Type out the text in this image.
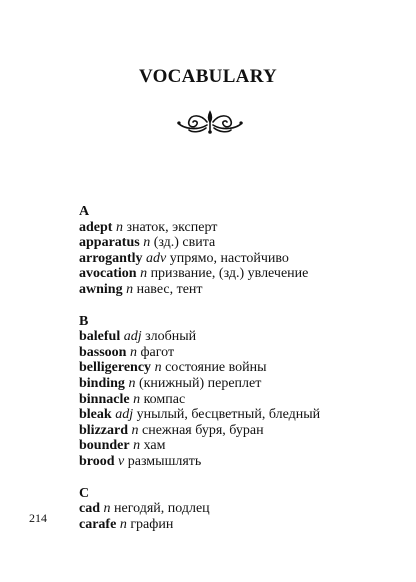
VOCABULARY
A
adept n знаток, эксперт
apparatus n (зд.) свита
arrogantly adv упрямо, настойчиво
avocation n призвание, (зд.) увлечение
awning n навес, тент
B
baleful adj злобный
bassoon n фагот
belligerency n состояние войны
binding n (книжный) переплет
binnacle n компас
bleak adj унылый, бесцветный, бледный
blizzard n снежная буря, буран
bounder n хам
brood v размышлять
C
cad n негодяй, подлец
carafe n графин
214
